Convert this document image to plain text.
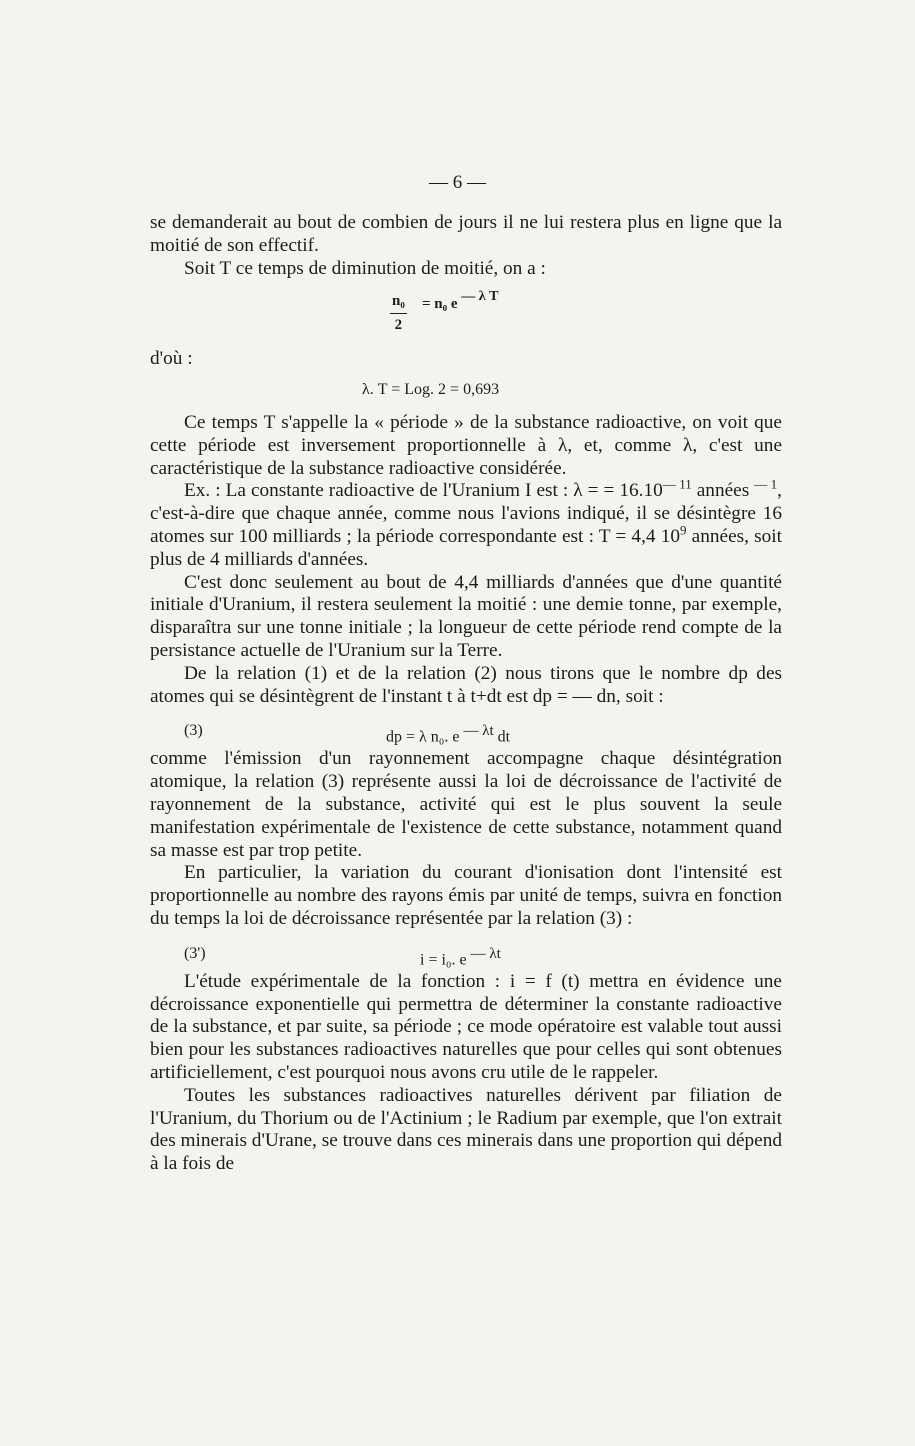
— 6 —

se demanderait au bout de combien de jours il ne lui restera plus en ligne que la moitié de son effectif.

Soit T ce temps de diminution de moitié, on a :

$\frac{\text{n₀}}{2} = n_0$ e $^{— \lambda T}$

d'où :

λ. T = Log. 2 = 0,693

Ce temps T s'appelle la « période » de la substance radioactive, on voit que cette période est inversement proportionnelle à λ, et, comme λ, c'est une caractéristique de la substance radioactive considérée.

Ex. : La constante radioactive de l'Uranium I est : λ = = $16.10^{— 11}$ années $^{— 1}$, c'est-à-dire que chaque année, comme nous l'avions indiqué, il se désintègre 16 atomes sur 100 milliards ; la période correspondante est : T = 4,4 $10^9$ années, soit plus de 4 milliards d'années.

C'est donc seulement au bout de 4,4 milliards d'années que d'une quantité initiale d'Uranium, il restera seulement la moitié : une demie tonne, par exemple, disparaîtra sur une tonne initiale ; la longueur de cette période rend compte de la persistance actuelle de l'Uranium sur la Terre.

De la relation (1) et de la relation (2) nous tirons que le nombre dp des atomes qui se désintègrent de l'instant t à t+dt est dp = — dn, soit :

(3)	dp = λ n₀. e $^{— \lambda t}$ dt

comme l'émission d'un rayonnement accompagne chaque désintégration atomique, la relation (3) représente aussi la loi de décroissance de l'activité de rayonnement de la substance, activité qui est le plus souvent la seule manifestation expérimentale de l'existence de cette substance, notamment quand sa masse est par trop petite.

En particulier, la variation du courant d'ionisation dont l'intensité est proportionnelle au nombre des rayons émis par unité de temps, suivra en fonction du temps la loi de décroissance représentée par la relation (3) :

(3')	i = i₀. e $^{— \lambda t}$

L'étude expérimentale de la fonction : i = f (t) mettra en évidence une décroissance exponentielle qui permettra de déterminer la constante radioactive de la substance, et par suite, sa période ; ce mode opératoire est valable tout aussi bien pour les substances radioactives naturelles que pour celles qui sont obtenues artificiellement, c'est pourquoi nous avons cru utile de le rappeler.

Toutes les substances radioactives naturelles dérivent par filiation de l'Uranium, du Thorium ou de l'Actinium ; le Radium par exemple, que l'on extrait des minerais d'Urane, se trouve dans ces minerais dans une proportion qui dépend à la fois de
